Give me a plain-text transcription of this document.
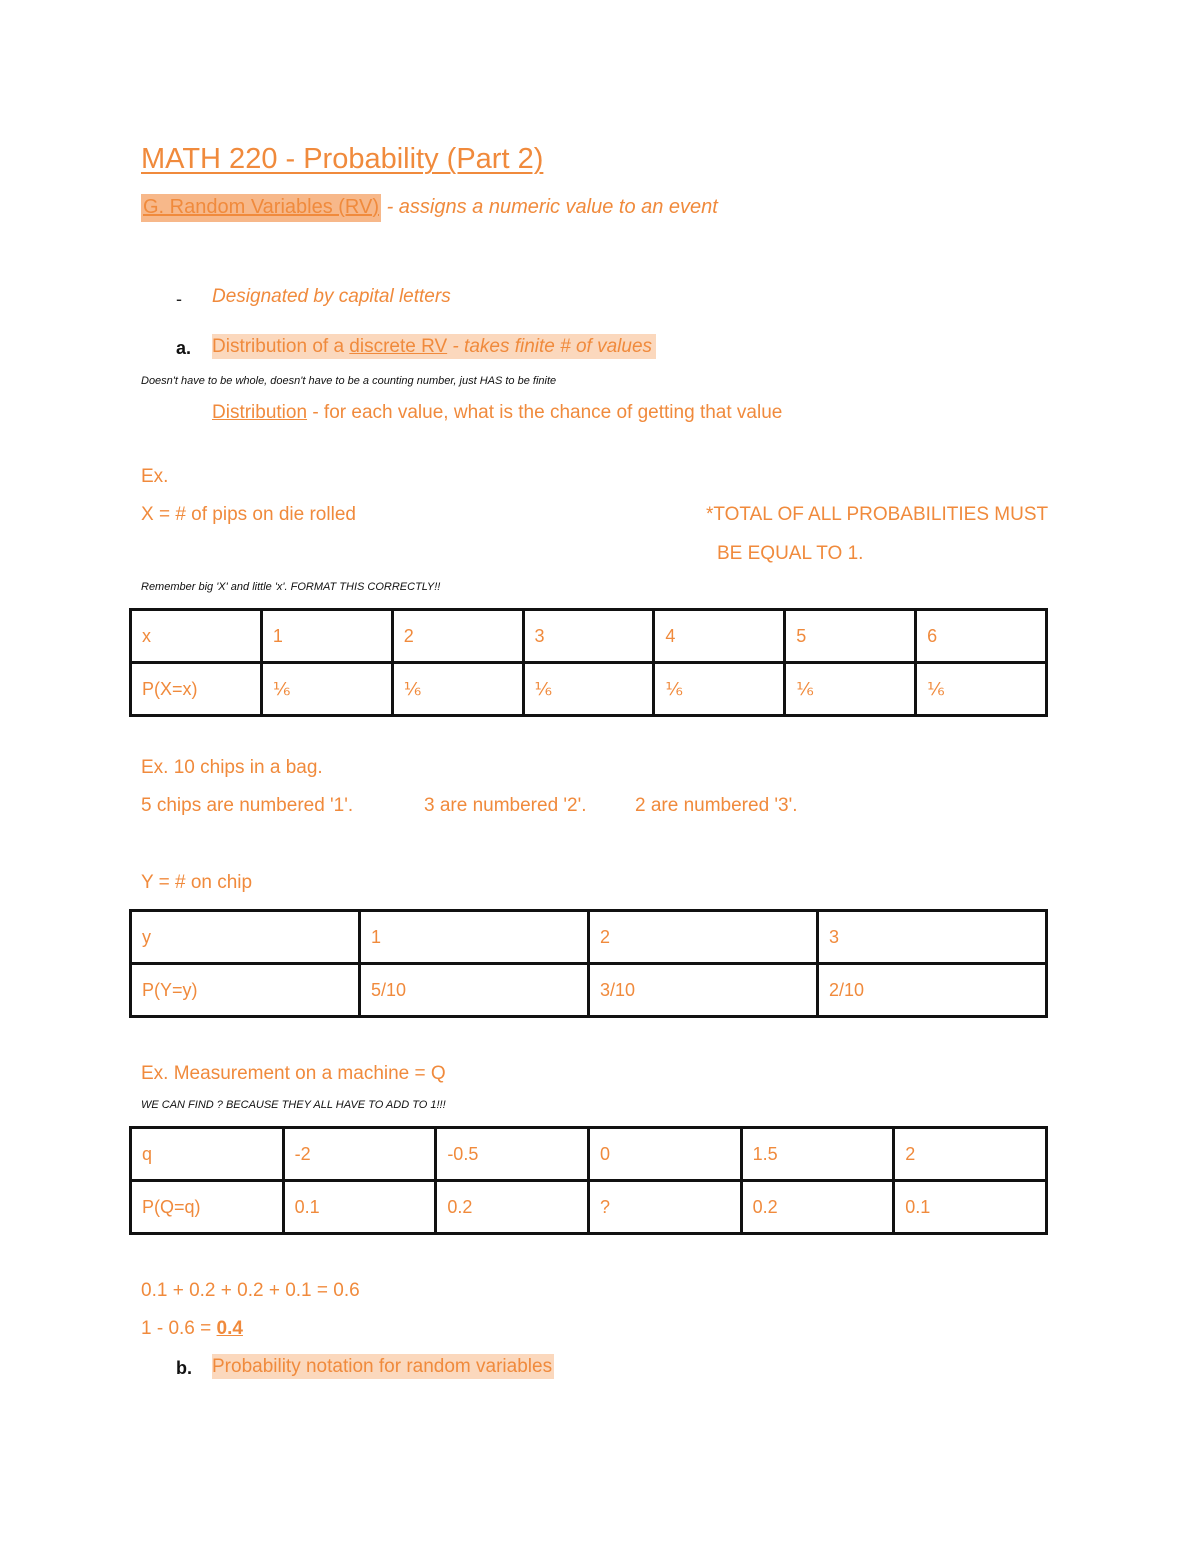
MATH 220 - Probability (Part 2)
G. Random Variables (RV) - assigns a numeric value to an event
- Designated by capital letters
a. Distribution of a discrete RV - takes finite # of values
Doesn't have to be whole, doesn't have to be a counting number, just HAS to be finite
Distribution - for each value, what is the chance of getting that value
Ex.
X = # of pips on die rolled	*TOTAL OF ALL PROBABILITIES MUST
BE EQUAL TO 1.
Remember big 'X' and little 'x'. FORMAT THIS CORRECTLY!!
x	1	2	3	4	5	6
P(X=x)	⅙	⅙	⅙	⅙	⅙	⅙
Ex. 10 chips in a bag.
5 chips are numbered '1'.	3 are numbered '2'.	2 are numbered '3'.
Y = # on chip
y	1	2	3
P(Y=y)	5/10	3/10	2/10
Ex. Measurement on a machine = Q
WE CAN FIND ? BECAUSE THEY ALL HAVE TO ADD TO 1!!!
q	-2	-0.5	0	1.5	2
P(Q=q)	0.1	0.2	?	0.2	0.1
0.1 + 0.2 + 0.2 + 0.1 = 0.6
1 - 0.6 = 0.4
b. Probability notation for random variables
